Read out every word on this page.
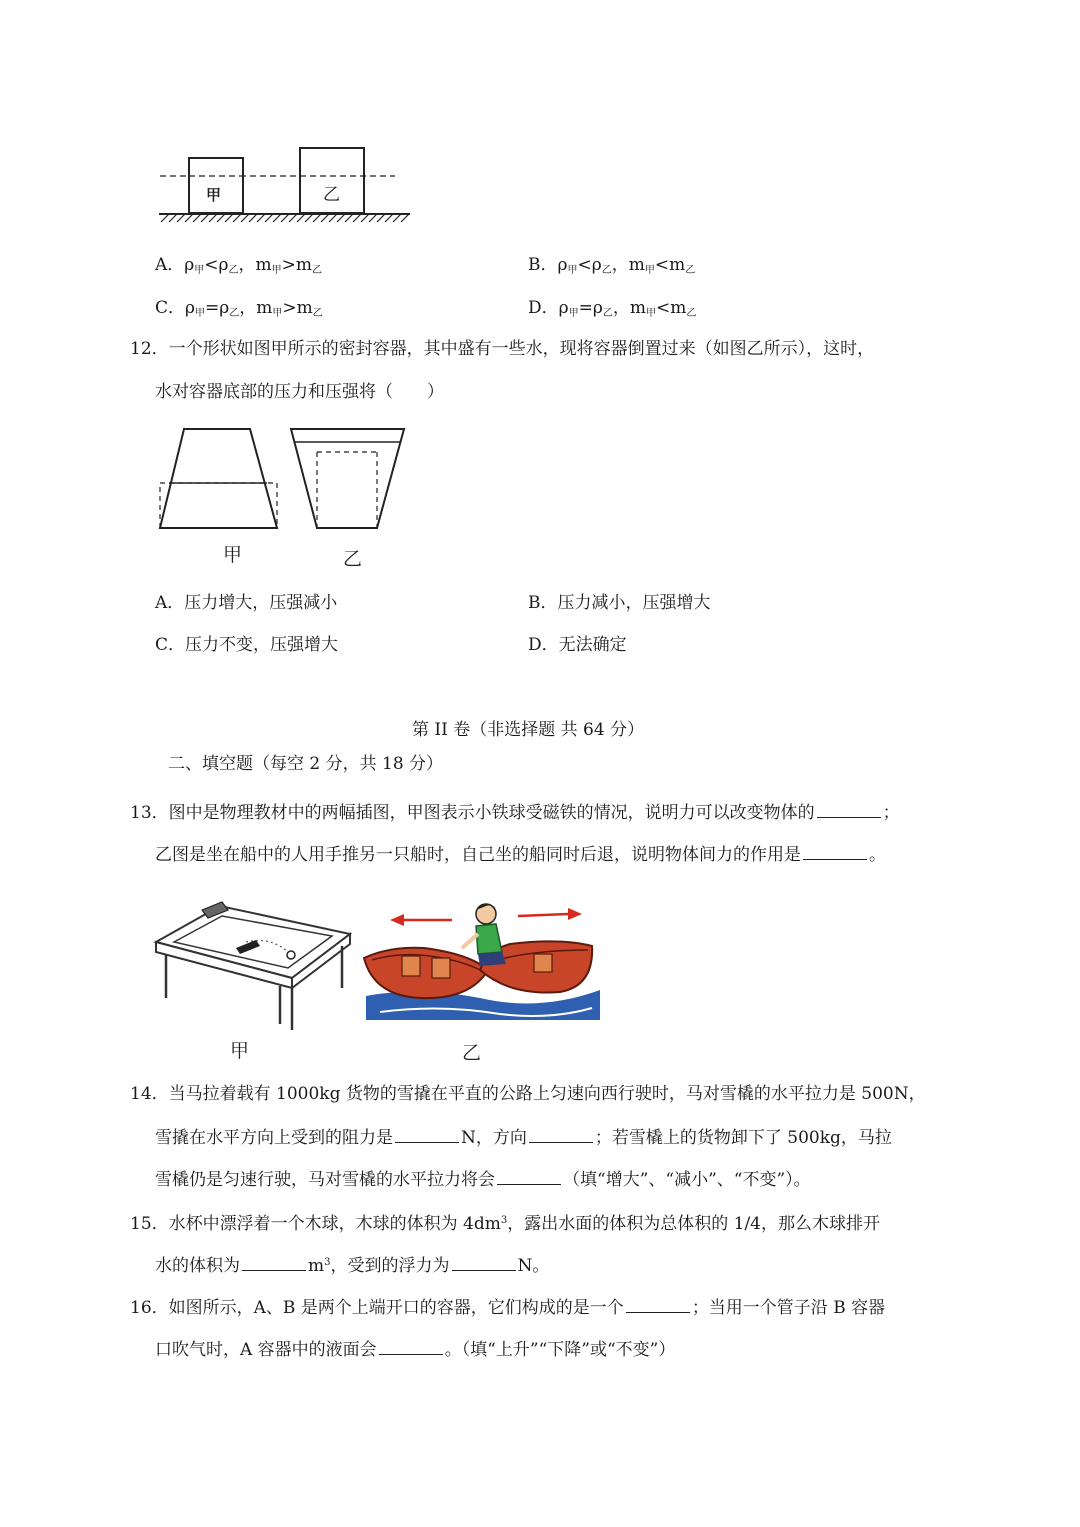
甲	乙
A．$\rho_甲<\rho_乙$，$m_甲>m_乙$	B．$\rho_甲<\rho_乙$，$m_甲<m_乙$
C．$\rho_甲=\rho_乙$，$m_甲>m_乙$	D．$\rho_甲=\rho_乙$，$m_甲<m_乙$
12．一个形状如图甲所示的密封容器，其中盛有一些水，现将容器倒置过来（如图乙所示），这时，
水对容器底部的压力和压强将（　　）
甲	乙
A．压力增大，压强减小	B．压力减小，压强增大
C．压力不变，压强增大	D．无法确定
第 II 卷（非选择题 共 64 分）
二、填空题（每空 2 分，共 18 分）
13．图中是物理教材中的两幅插图，甲图表示小铁球受磁铁的情况，说明力可以改变物体的	；
乙图是坐在船中的人用手推另一只船时，自己坐的船同时后退，说明物体间力的作用是	。
甲	乙
14．当马拉着载有 1000kg 货物的雪撬在平直的公路上匀速向西行驶时，马对雪橇的水平拉力是 500N，
雪撬在水平方向上受到的阻力是	N，方向	；若雪橇上的货物卸下了 500kg，马拉
雪橇仍是匀速行驶，马对雪橇的水平拉力将会	（填“增大”、“减小”、“不变”）。
15．水杯中漂浮着一个木球，木球的体积为 $4dm^3$，露出水面的体积为总体积的 1/4，那么木球排开
水的体积为	$m^3$，受到的浮力为	N。
16．如图所示，A、B 是两个上端开口的容器，它们构成的是一个	；当用一个管子沿 B 容器
口吹气时，A 容器中的液面会	。（填“上升”“下降”或“不变”）
